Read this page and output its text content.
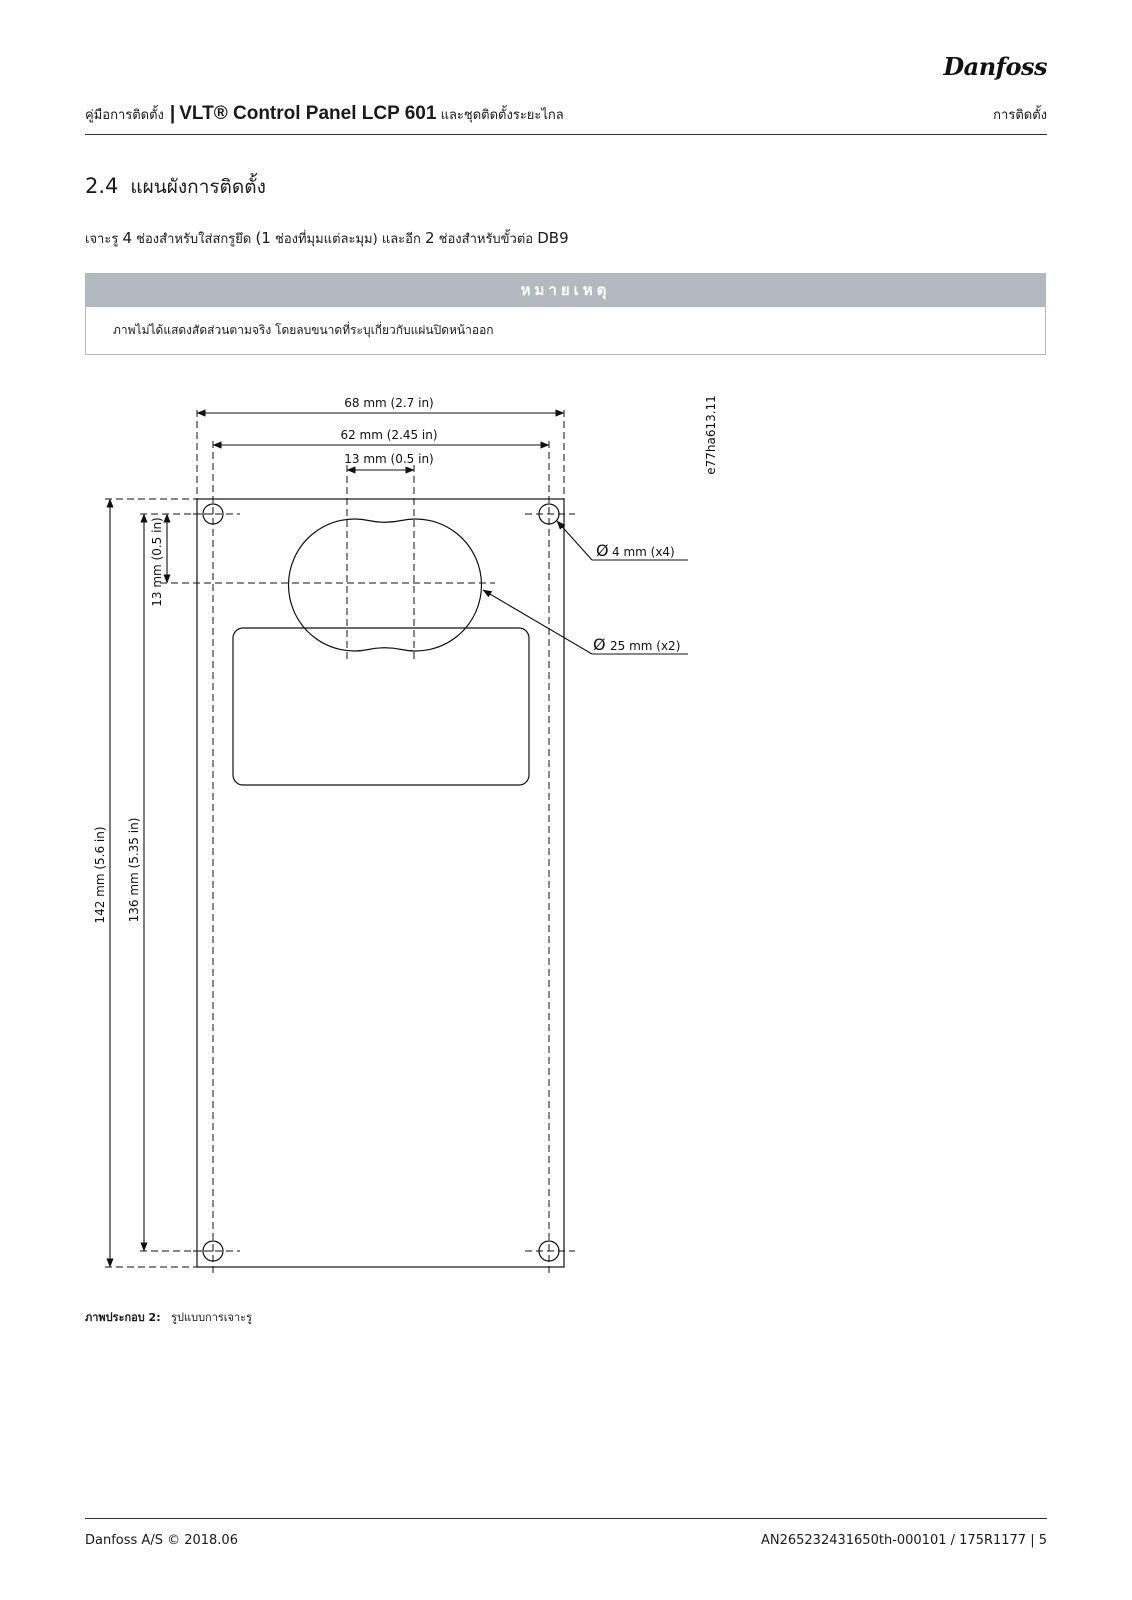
Danfoss
คู่มือการติดตั้ง | VLT® Control Panel LCP 601 และชุดติดตั้งระยะไกล	การติดตั้ง
2.4 แผนผังการติดตั้ง
เจาะรู 4 ช่องสำหรับใส่สกรูยึด (1 ช่องที่มุมแต่ละมุม) และอีก 2 ช่องสำหรับขั้วต่อ DB9
หมายเหตุ
ภาพไม่ได้แสดงสัดส่วนตามจริง โดยลบขนาดที่ระบุเกี่ยวกับแผ่นปิดหน้าออก
68 mm (2.7 in)
62 mm (2.45 in)
13 mm (0.5 in)
142 mm (5.6 in) 136 mm (5.35 in)
13 mm (0.5 in)
e77ha613.11
Ø 4 mm (x4)
Ø 25 mm (x2)
ภาพประกอบ 2: รูปแบบการเจาะรู
Danfoss A/S © 2018.06	AN265232431650th-000101 / 175R1177 | 5
